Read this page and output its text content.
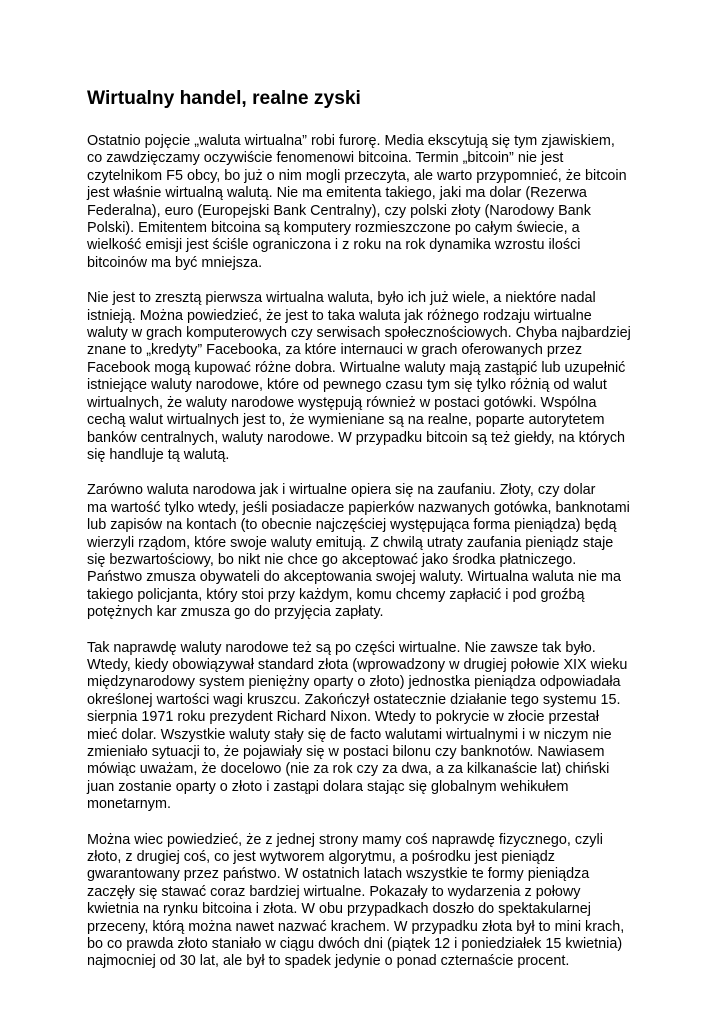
Wirtualny handel, realne zyski

Ostatnio pojęcie „waluta wirtualna” robi furorę. Media ekscytują się tym zjawiskiem,
co zawdzięczamy oczywiście fenomenowi bitcoina. Termin „bitcoin” nie jest
czytelnikom F5 obcy, bo już o nim mogli przeczyta, ale warto przypomnieć, że bitcoin
jest właśnie wirtualną walutą. Nie ma emitenta takiego, jaki ma dolar (Rezerwa
Federalna), euro (Europejski Bank Centralny), czy polski złoty (Narodowy Bank
Polski). Emitentem bitcoina są komputery rozmieszczone po całym świecie, a
wielkość emisji jest ściśle ograniczona i z roku na rok dynamika wzrostu ilości
bitcoinów ma być mniejsza.

Nie jest to zresztą pierwsza wirtualna waluta, było ich już wiele, a niektóre nadal
istnieją. Można powiedzieć, że jest to taka waluta jak różnego rodzaju wirtualne
waluty w grach komputerowych czy serwisach społecznościowych. Chyba najbardziej
znane to „kredyty” Facebooka, za które internauci w grach oferowanych przez
Facebook mogą kupować różne dobra. Wirtualne waluty mają zastąpić lub uzupełnić
istniejące waluty narodowe, które od pewnego czasu tym się tylko różnią od walut
wirtualnych, że waluty narodowe występują również w postaci gotówki. Wspólna
cechą walut wirtualnych jest to, że wymieniane są na realne, poparte autorytetem
banków centralnych, waluty narodowe. W przypadku bitcoin są też giełdy, na których
się handluje tą walutą.

Zarówno waluta narodowa jak i wirtualne opiera się na zaufaniu. Złoty, czy dolar
ma wartość tylko wtedy, jeśli posiadacze papierków nazwanych gotówka, banknotami
lub zapisów na kontach (to obecnie najczęściej występująca forma pieniądza) będą
wierzyli rządom, które swoje waluty emitują. Z chwilą utraty zaufania pieniądz staje
się bezwartościowy, bo nikt nie chce go akceptować jako środka płatniczego.
Państwo zmusza obywateli do akceptowania swojej waluty. Wirtualna waluta nie ma
takiego policjanta, który stoi przy każdym, komu chcemy zapłacić i pod groźbą
potężnych kar zmusza go do przyjęcia zapłaty.

Tak naprawdę waluty narodowe też są po części wirtualne. Nie zawsze tak było.
Wtedy, kiedy obowiązywał standard złota (wprowadzony w drugiej połowie XIX wieku
międzynarodowy system pieniężny oparty o złoto) jednostka pieniądza odpowiadała
określonej wartości wagi kruszcu. Zakończył ostatecznie działanie tego systemu 15.
sierpnia 1971 roku prezydent Richard Nixon. Wtedy to pokrycie w złocie przestał
mieć dolar. Wszystkie waluty stały się de facto walutami wirtualnymi i w niczym nie
zmieniało sytuacji to, że pojawiały się w postaci bilonu czy banknotów. Nawiasem
mówiąc uważam, że docelowo (nie za rok czy za dwa, a za kilkanaście lat) chiński
juan zostanie oparty o złoto i zastąpi dolara stając się globalnym wehikułem
monetarnym.

Można wiec powiedzieć, że z jednej strony mamy coś naprawdę fizycznego, czyli
złoto, z drugiej coś, co jest wytworem algorytmu, a pośrodku jest pieniądz
gwarantowany przez państwo. W ostatnich latach wszystkie te formy pieniądza
zaczęły się stawać coraz bardziej wirtualne. Pokazały to wydarzenia z połowy
kwietnia na rynku bitcoina i złota. W obu przypadkach doszło do spektakularnej
przeceny, którą można nawet nazwać krachem. W przypadku złota był to mini krach,
bo co prawda złoto staniało w ciągu dwóch dni (piątek 12 i poniedziałek 15 kwietnia)
najmocniej od 30 lat, ale był to spadek jedynie o ponad czternaście procent.
